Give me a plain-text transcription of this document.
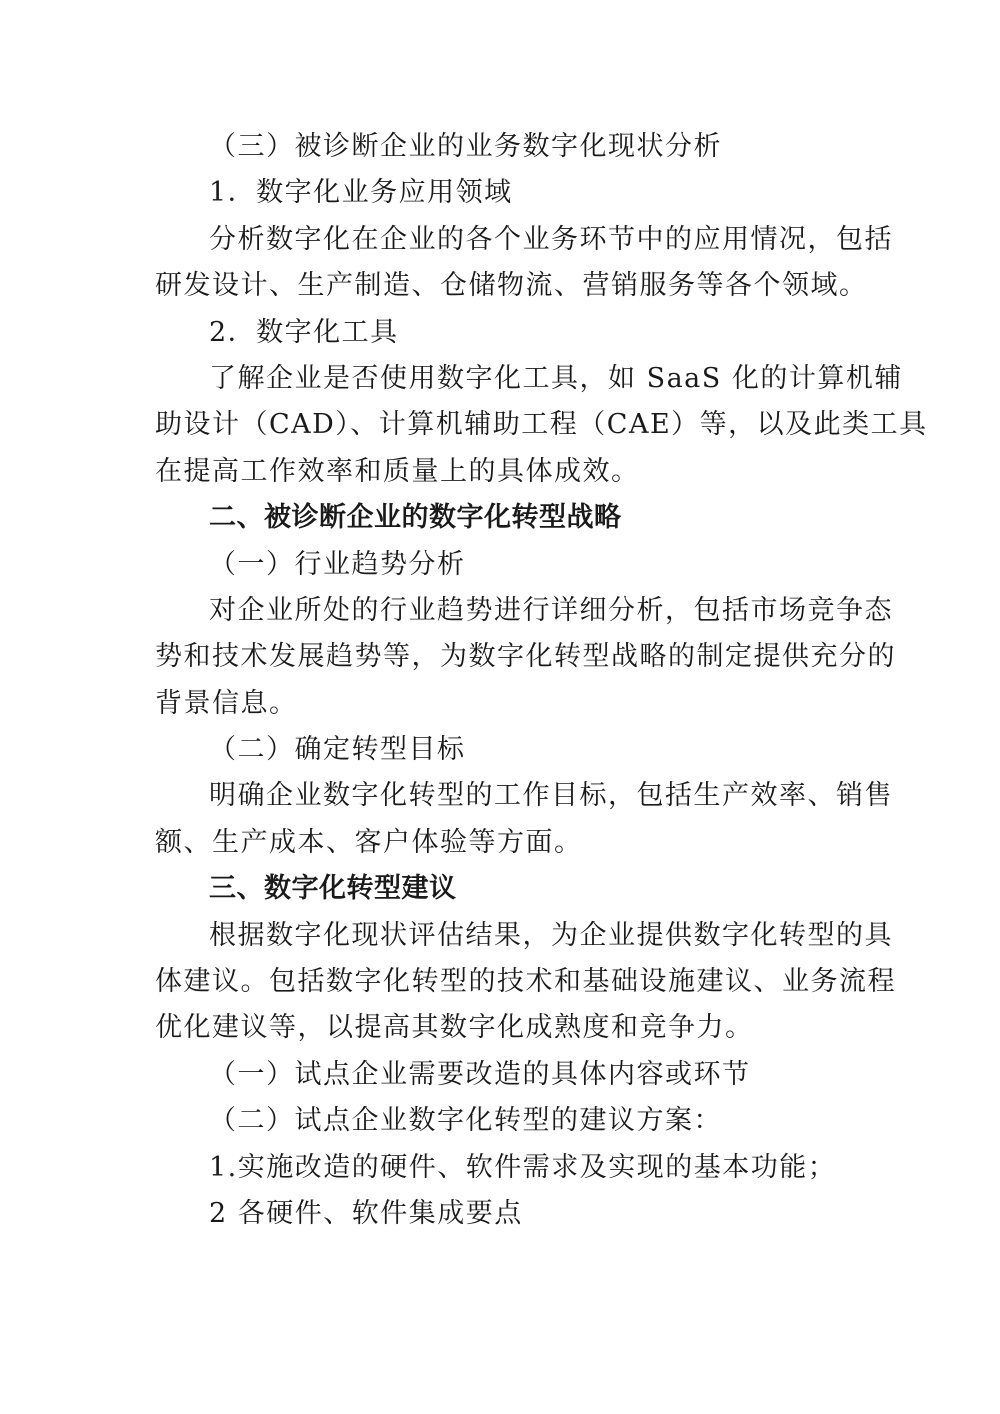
（三）被诊断企业的业务数字化现状分析
1．数字化业务应用领域
分析数字化在企业的各个业务环节中的应用情况，包括
研发设计、生产制造、仓储物流、营销服务等各个领域。
2．数字化工具
了解企业是否使用数字化工具，如 SaaS 化的计算机辅
助设计（CAD）、计算机辅助工程（CAE）等，以及此类工具
在提高工作效率和质量上的具体成效。
二、被诊断企业的数字化转型战略
（一）行业趋势分析
对企业所处的行业趋势进行详细分析，包括市场竞争态
势和技术发展趋势等，为数字化转型战略的制定提供充分的
背景信息。
（二）确定转型目标
明确企业数字化转型的工作目标，包括生产效率、销售
额、生产成本、客户体验等方面。
三、数字化转型建议
根据数字化现状评估结果，为企业提供数字化转型的具
体建议。包括数字化转型的技术和基础设施建议、业务流程
优化建议等，以提高其数字化成熟度和竞争力。
（一）试点企业需要改造的具体内容或环节
（二）试点企业数字化转型的建议方案：
1.实施改造的硬件、软件需求及实现的基本功能；
2 各硬件、软件集成要点
